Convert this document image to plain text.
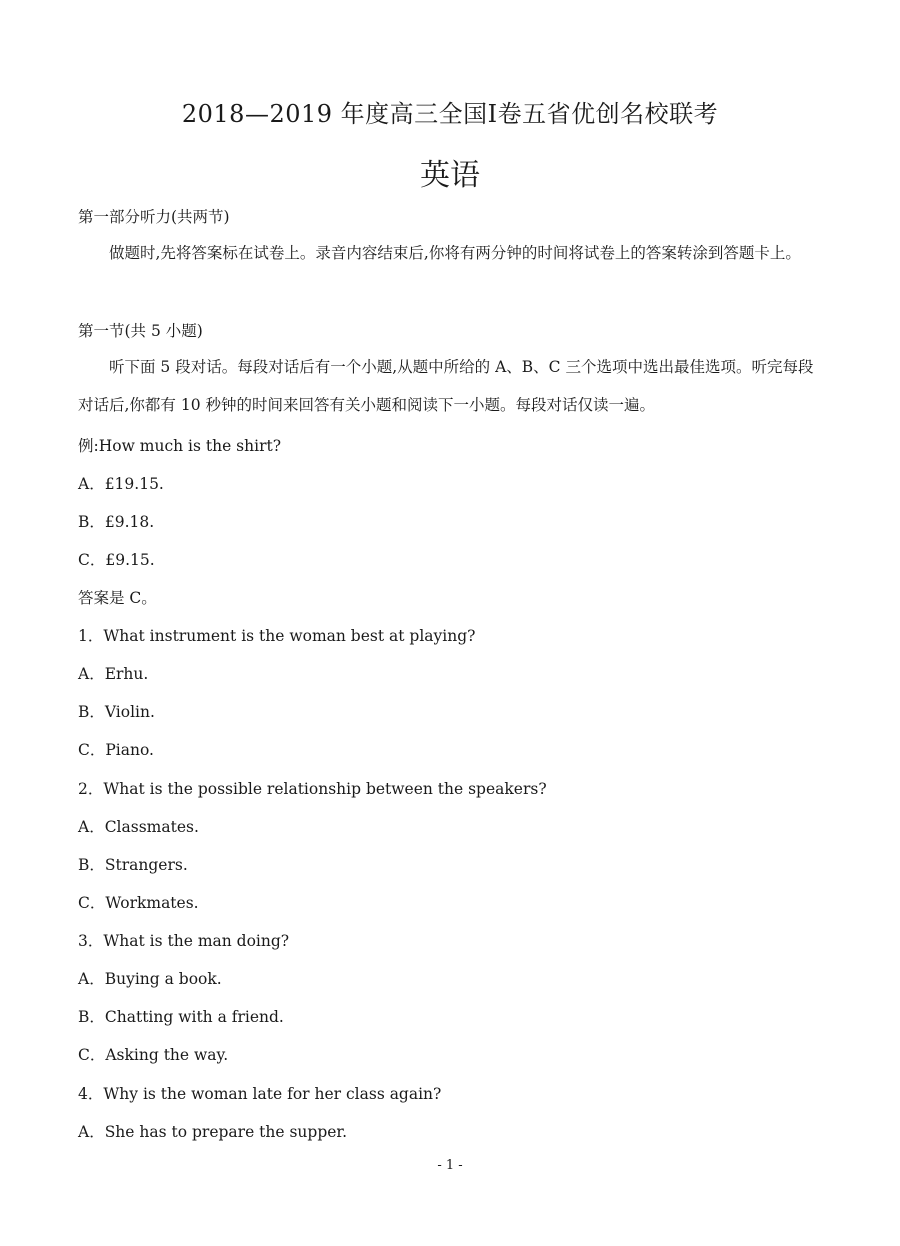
2018—2019 年度高三全国Ⅰ卷五省优创名校联考
英语
第一部分听力(共两节)
做题时,先将答案标在试卷上。录音内容结束后,你将有两分钟的时间将试卷上的答案转涂到答题卡上。
第一节(共 5 小题)
听下面 5 段对话。每段对话后有一个小题,从题中所给的 A、B、C 三个选项中选出最佳选项。听完每段对话后,你都有 10 秒钟的时间来回答有关小题和阅读下一小题。每段对话仅读一遍。
例:How much is the shirt?
A．£19.15.
B．£9.18.
C．£9.15.
答案是 C。
1．What instrument is the woman best at playing?
A．Erhu.
B．Violin.
C．Piano.
2．What is the possible relationship between the speakers?
A．Classmates.
B．Strangers.
C．Workmates.
3．What is the man doing?
A．Buying a book.
B．Chatting with a friend.
C．Asking the way.
4．Why is the woman late for her class again?
A．She has to prepare the supper.
- 1 -
